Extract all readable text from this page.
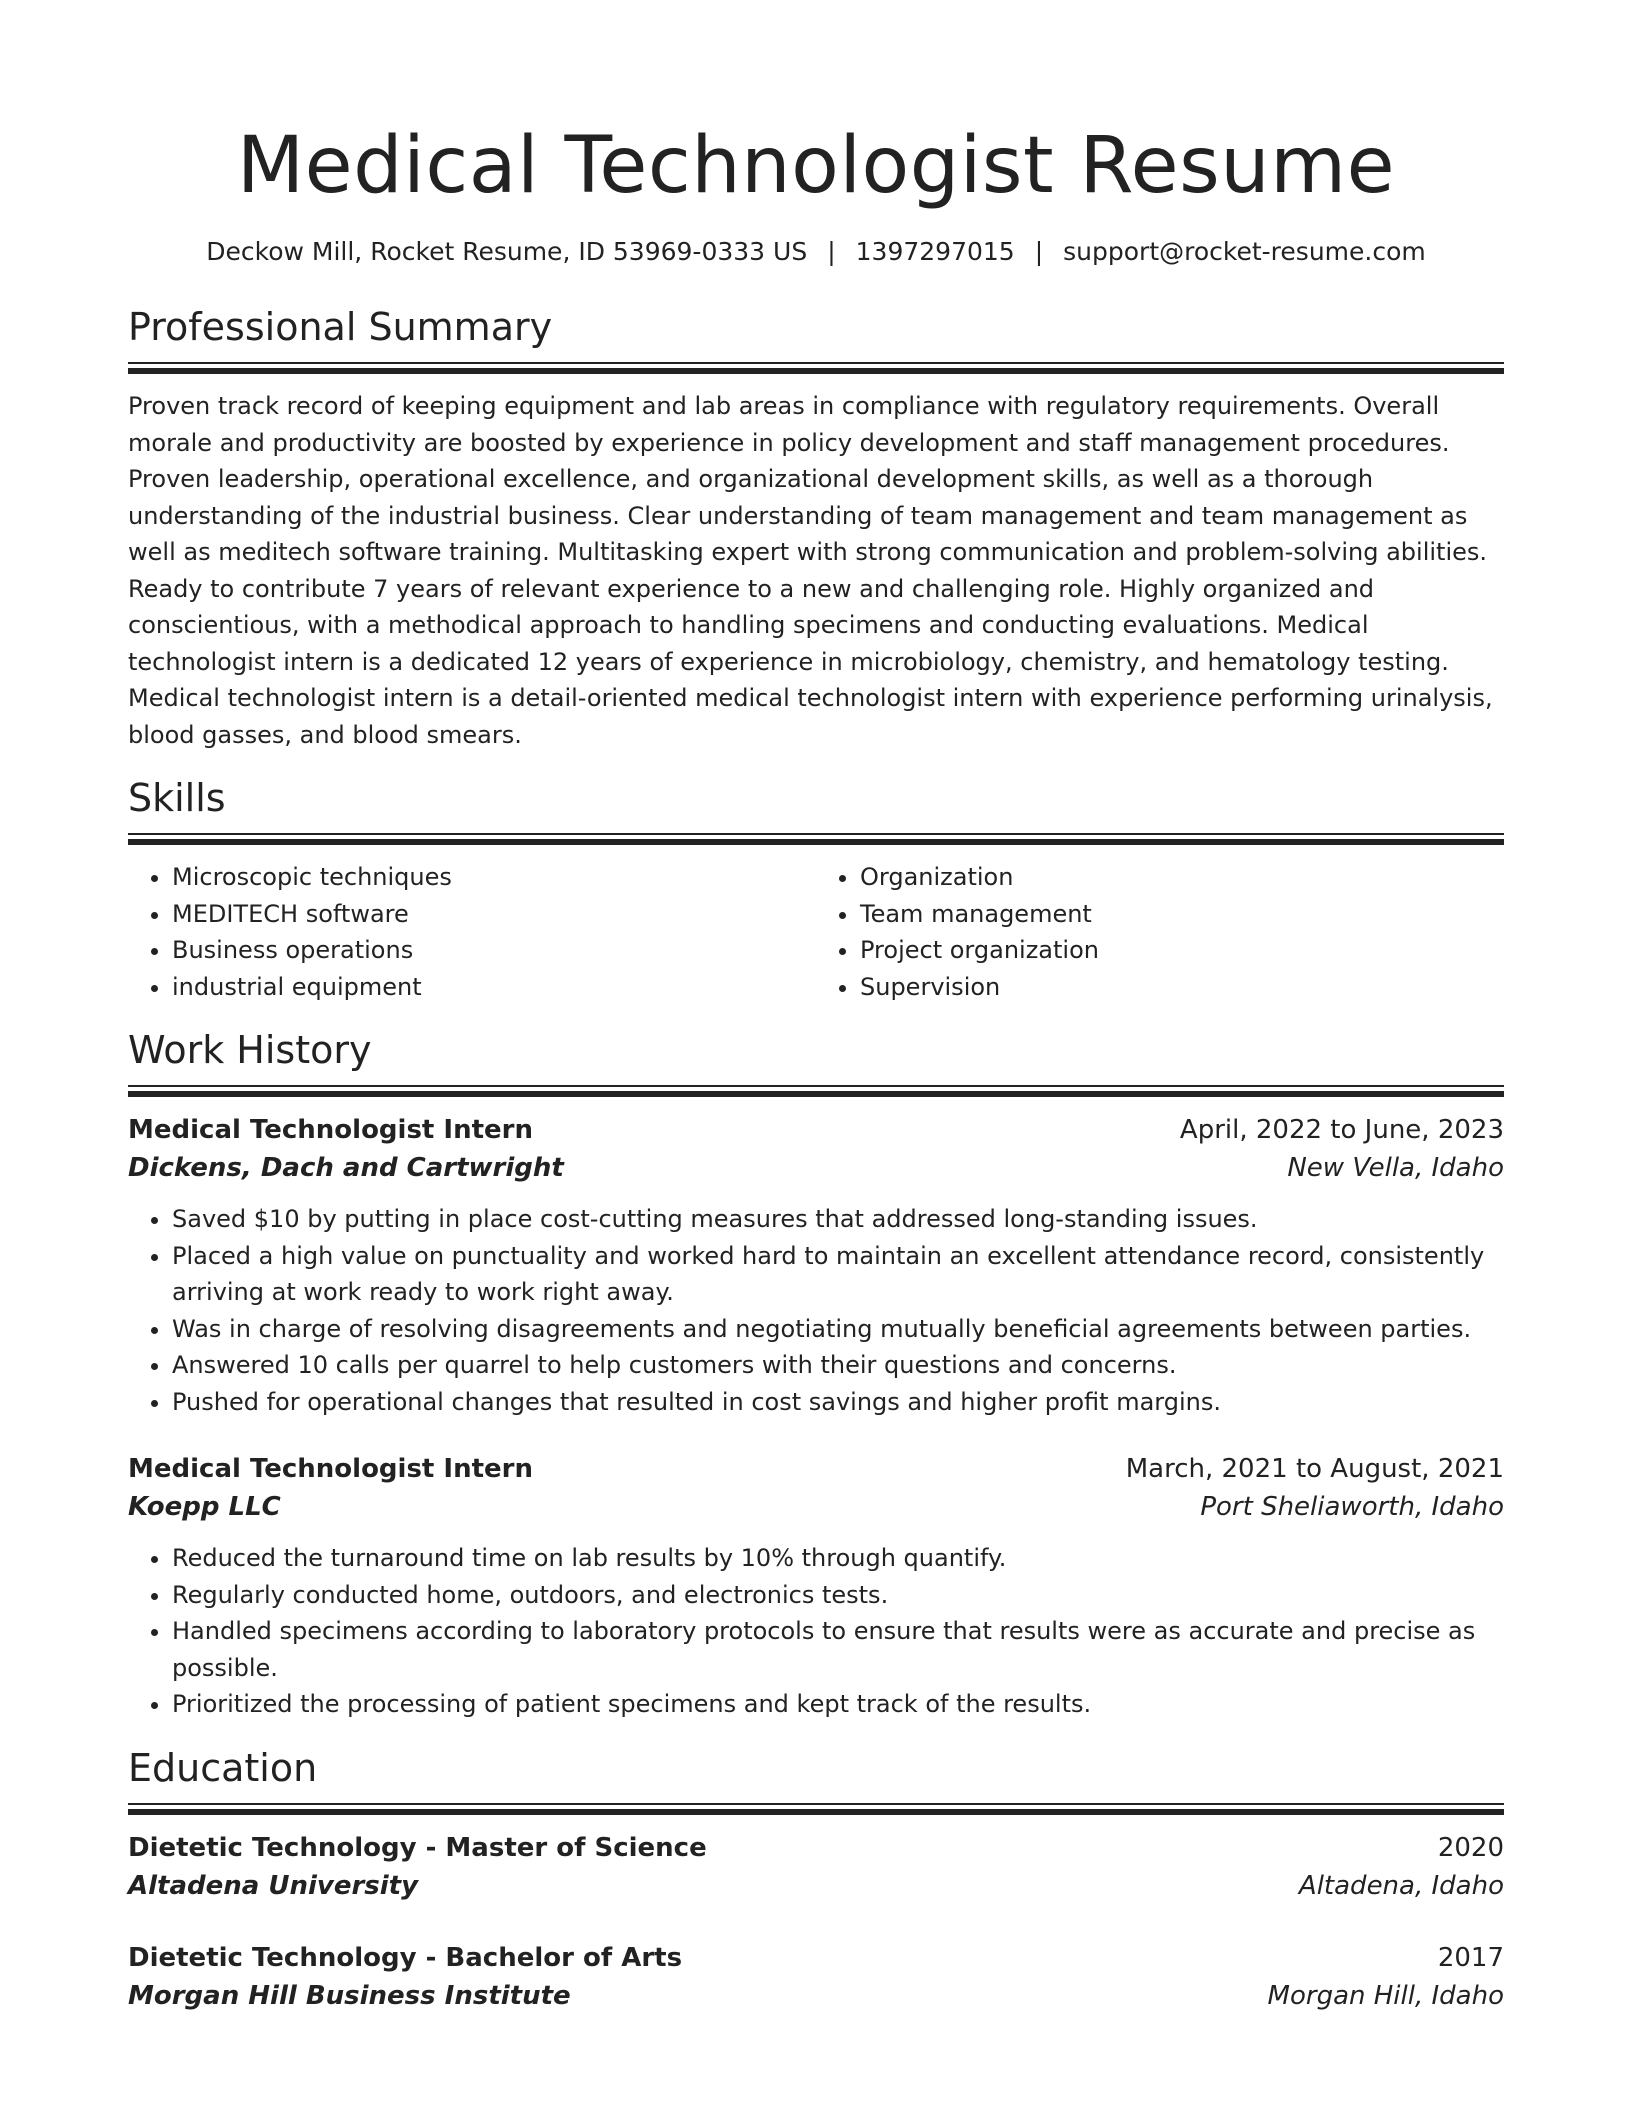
Medical Technologist Resume
Deckow Mill, Rocket Resume, ID 53969-0333 US | 1397297015 | support@rocket-resume.com
Professional Summary

Proven track record of keeping equipment and lab areas in compliance with regulatory requirements. Overall morale and productivity are boosted by experience in policy development and staff management procedures. Proven leadership, operational excellence, and organizational development skills, as well as a thorough understanding of the industrial business. Clear understanding of team management and team management as well as meditech software training. Multitasking expert with strong communication and problem-solving abilities. Ready to contribute 7 years of relevant experience to a new and challenging role. Highly organized and conscientious, with a methodical approach to handling specimens and conducting evaluations. Medical technologist intern is a dedicated 12 years of experience in microbiology, chemistry, and hematology testing. Medical technologist intern is a detail-oriented medical technologist intern with experience performing urinalysis, blood gasses, and blood smears.

Skills
• Microscopic techniques
• MEDITECH software
• Business operations
• industrial equipment
• Organization
• Team management
• Project organization
• Supervision
Work History
Medical Technologist Intern	April, 2022 to June, 2023
Dickens, Dach and Cartwright	New Vella, Idaho
• Saved $10 by putting in place cost-cutting measures that addressed long-standing issues.
• Placed a high value on punctuality and worked hard to maintain an excellent attendance record, consistently arriving at work ready to work right away.
• Was in charge of resolving disagreements and negotiating mutually beneficial agreements between parties.
• Answered 10 calls per quarrel to help customers with their questions and concerns.
• Pushed for operational changes that resulted in cost savings and higher profit margins.
Medical Technologist Intern	March, 2021 to August, 2021
Koepp LLC	Port Sheliaworth, Idaho
• Reduced the turnaround time on lab results by 10% through quantify.
• Regularly conducted home, outdoors, and electronics tests.
• Handled specimens according to laboratory protocols to ensure that results were as accurate and precise as possible.
• Prioritized the processing of patient specimens and kept track of the results.
Education
Dietetic Technology - Master of Science	2020
Altadena University	Altadena, Idaho
Dietetic Technology - Bachelor of Arts	2017
Morgan Hill Business Institute	Morgan Hill, Idaho
